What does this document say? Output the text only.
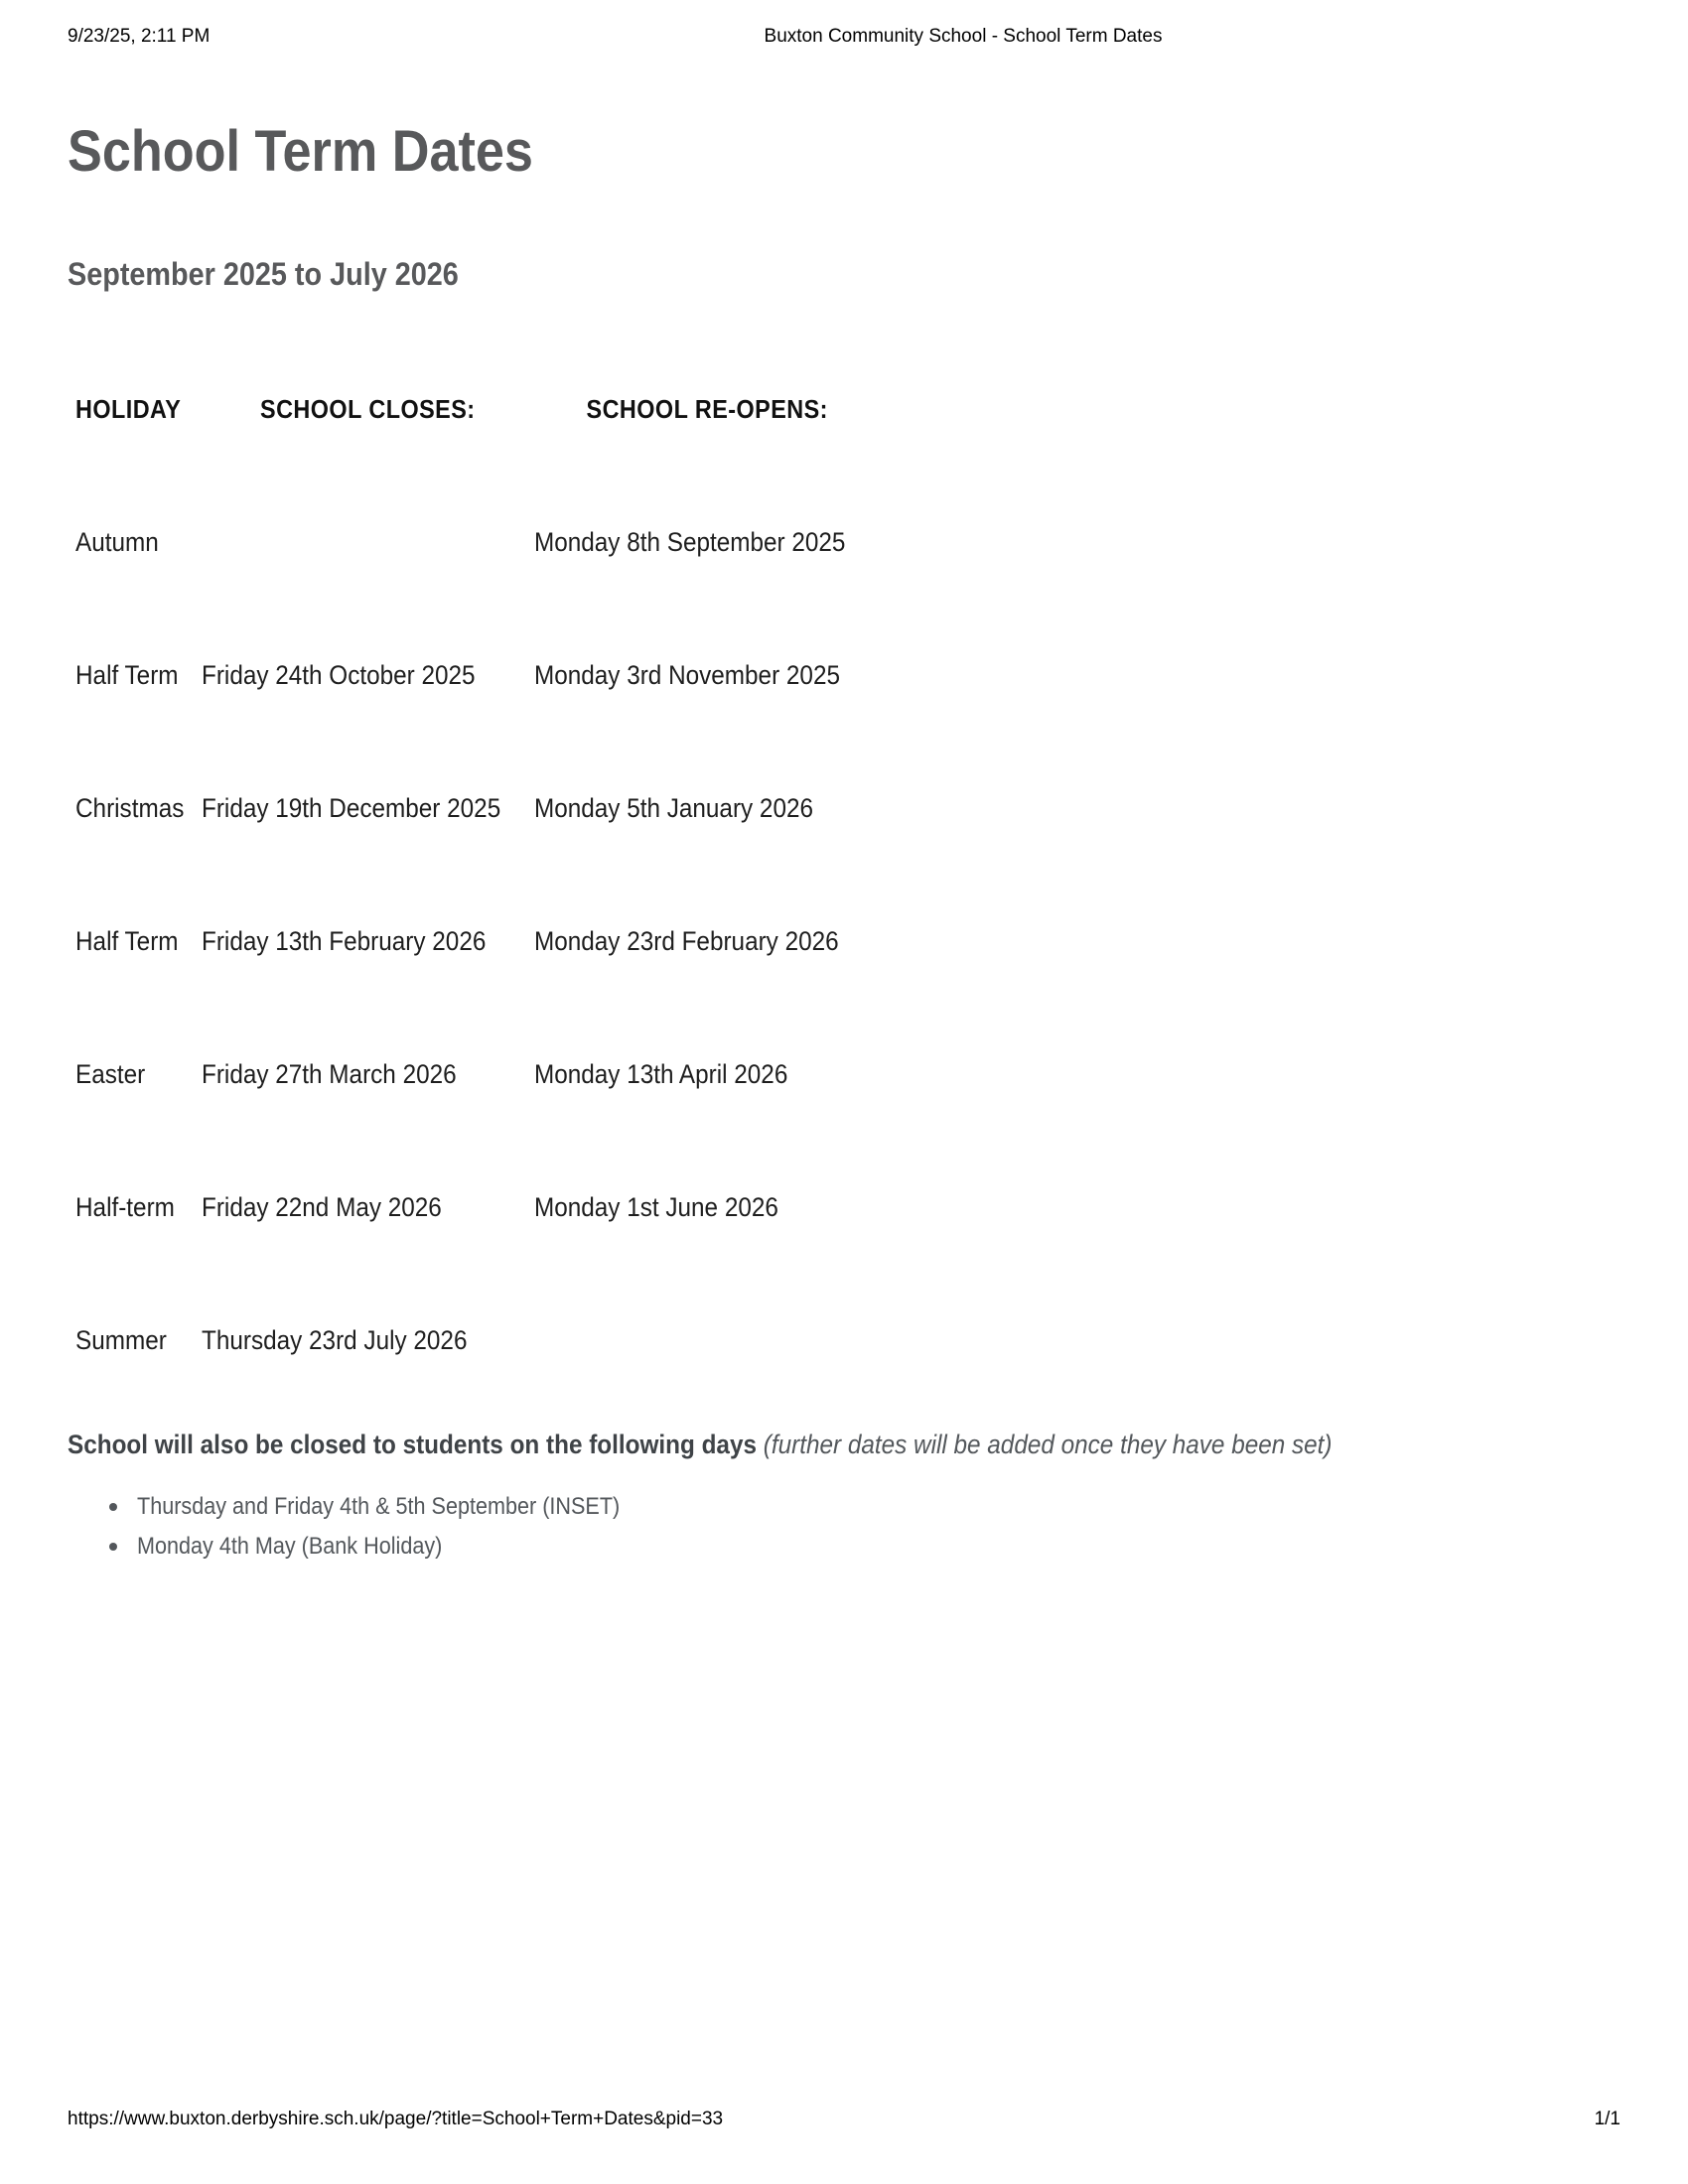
9/23/25, 2:11 PM	Buxton Community School - School Term Dates
School Term Dates
September 2025 to July 2026
HOLIDAY	SCHOOL CLOSES:	SCHOOL RE-OPENS:
Autumn		Monday 8th September 2025
Half Term	Friday 24th October 2025	Monday 3rd November 2025
Christmas	Friday 19th December 2025	Monday 5th January 2026
Half Term	Friday 13th February 2026	Monday 23rd February 2026
Easter	Friday 27th March 2026	Monday 13th April 2026
Half-term	Friday 22nd May 2026	Monday 1st June 2026
Summer	Thursday 23rd July 2026	

School will also be closed to students on the following days (further dates will be added once they have been set)

Thursday and Friday 4th & 5th September (INSET)
Monday 4th May (Bank Holiday)
https://www.buxton.derbyshire.sch.uk/page/?title=School+Term+Dates&pid=33	1/1
